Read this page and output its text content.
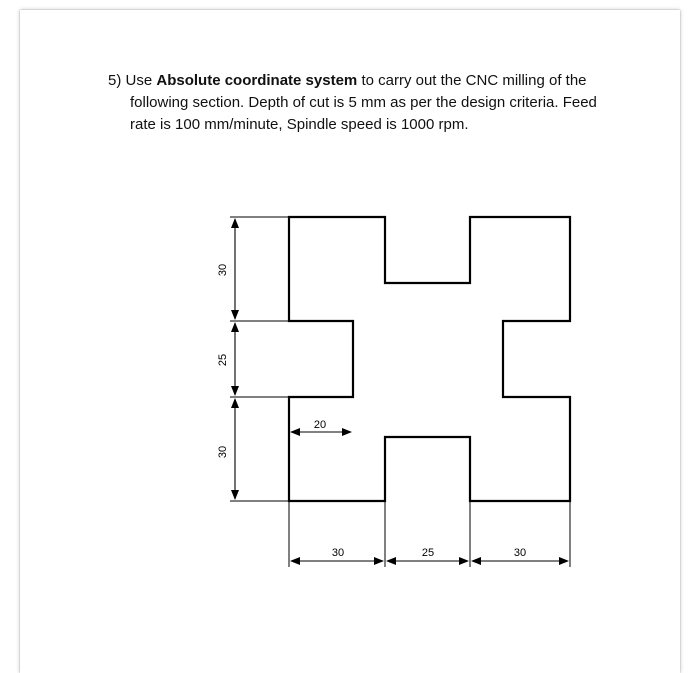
5) Use Absolute coordinate system to carry out the CNC milling of the
following section. Depth of cut is 5 mm as per the design criteria. Feed
rate is 100 mm/minute, Spindle speed is 1000 rpm.
30
25
30
20
30	25	30
